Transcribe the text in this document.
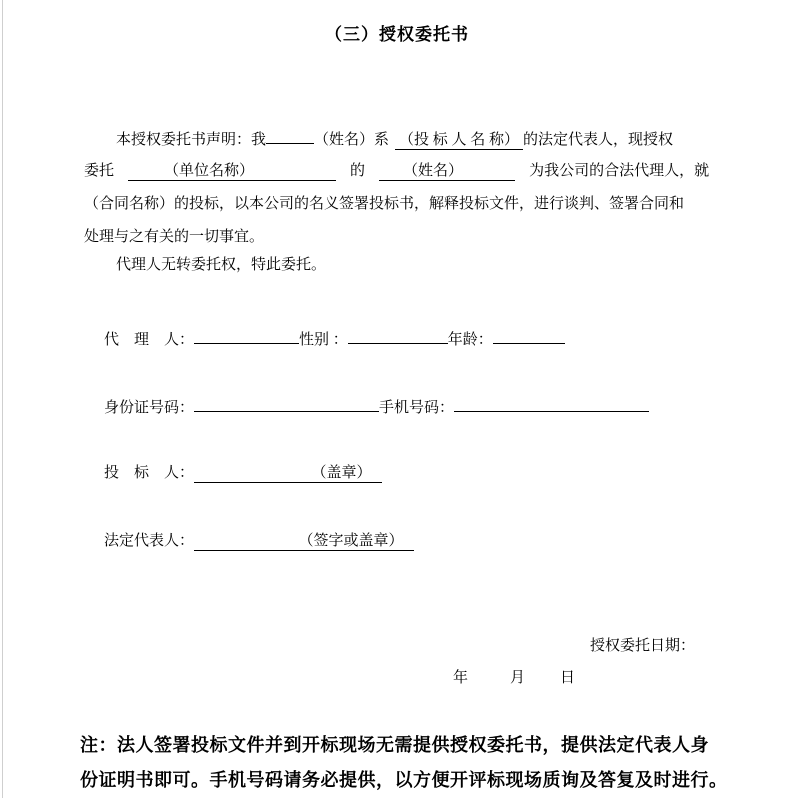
（三）授权委托书
本授权委托书声明：我	（姓名）系 （投 标 人 名 称） 的法定代表人，现授权
委托	（单位名称）	的	（姓名）	为我公司的合法代理人，就
（合同名称）的投标，以本公司的名义签署投标书，解释投标文件，进行谈判、签署合同和
处理与之有关的一切事宜。
代理人无转委托权，特此委托。
代　理　人：	性别 ：	年龄：
身份证号码：	手机号码：
投　标　人：	（盖章）
法定代表人：	（签字或盖章）
授权委托日期：
年	月 日
注：法人签署投标文件并到开标现场无需提供授权委托书，提供法定代表人身
份证明书即可。手机号码请务必提供，以方便开评标现场质询及答复及时进行。
